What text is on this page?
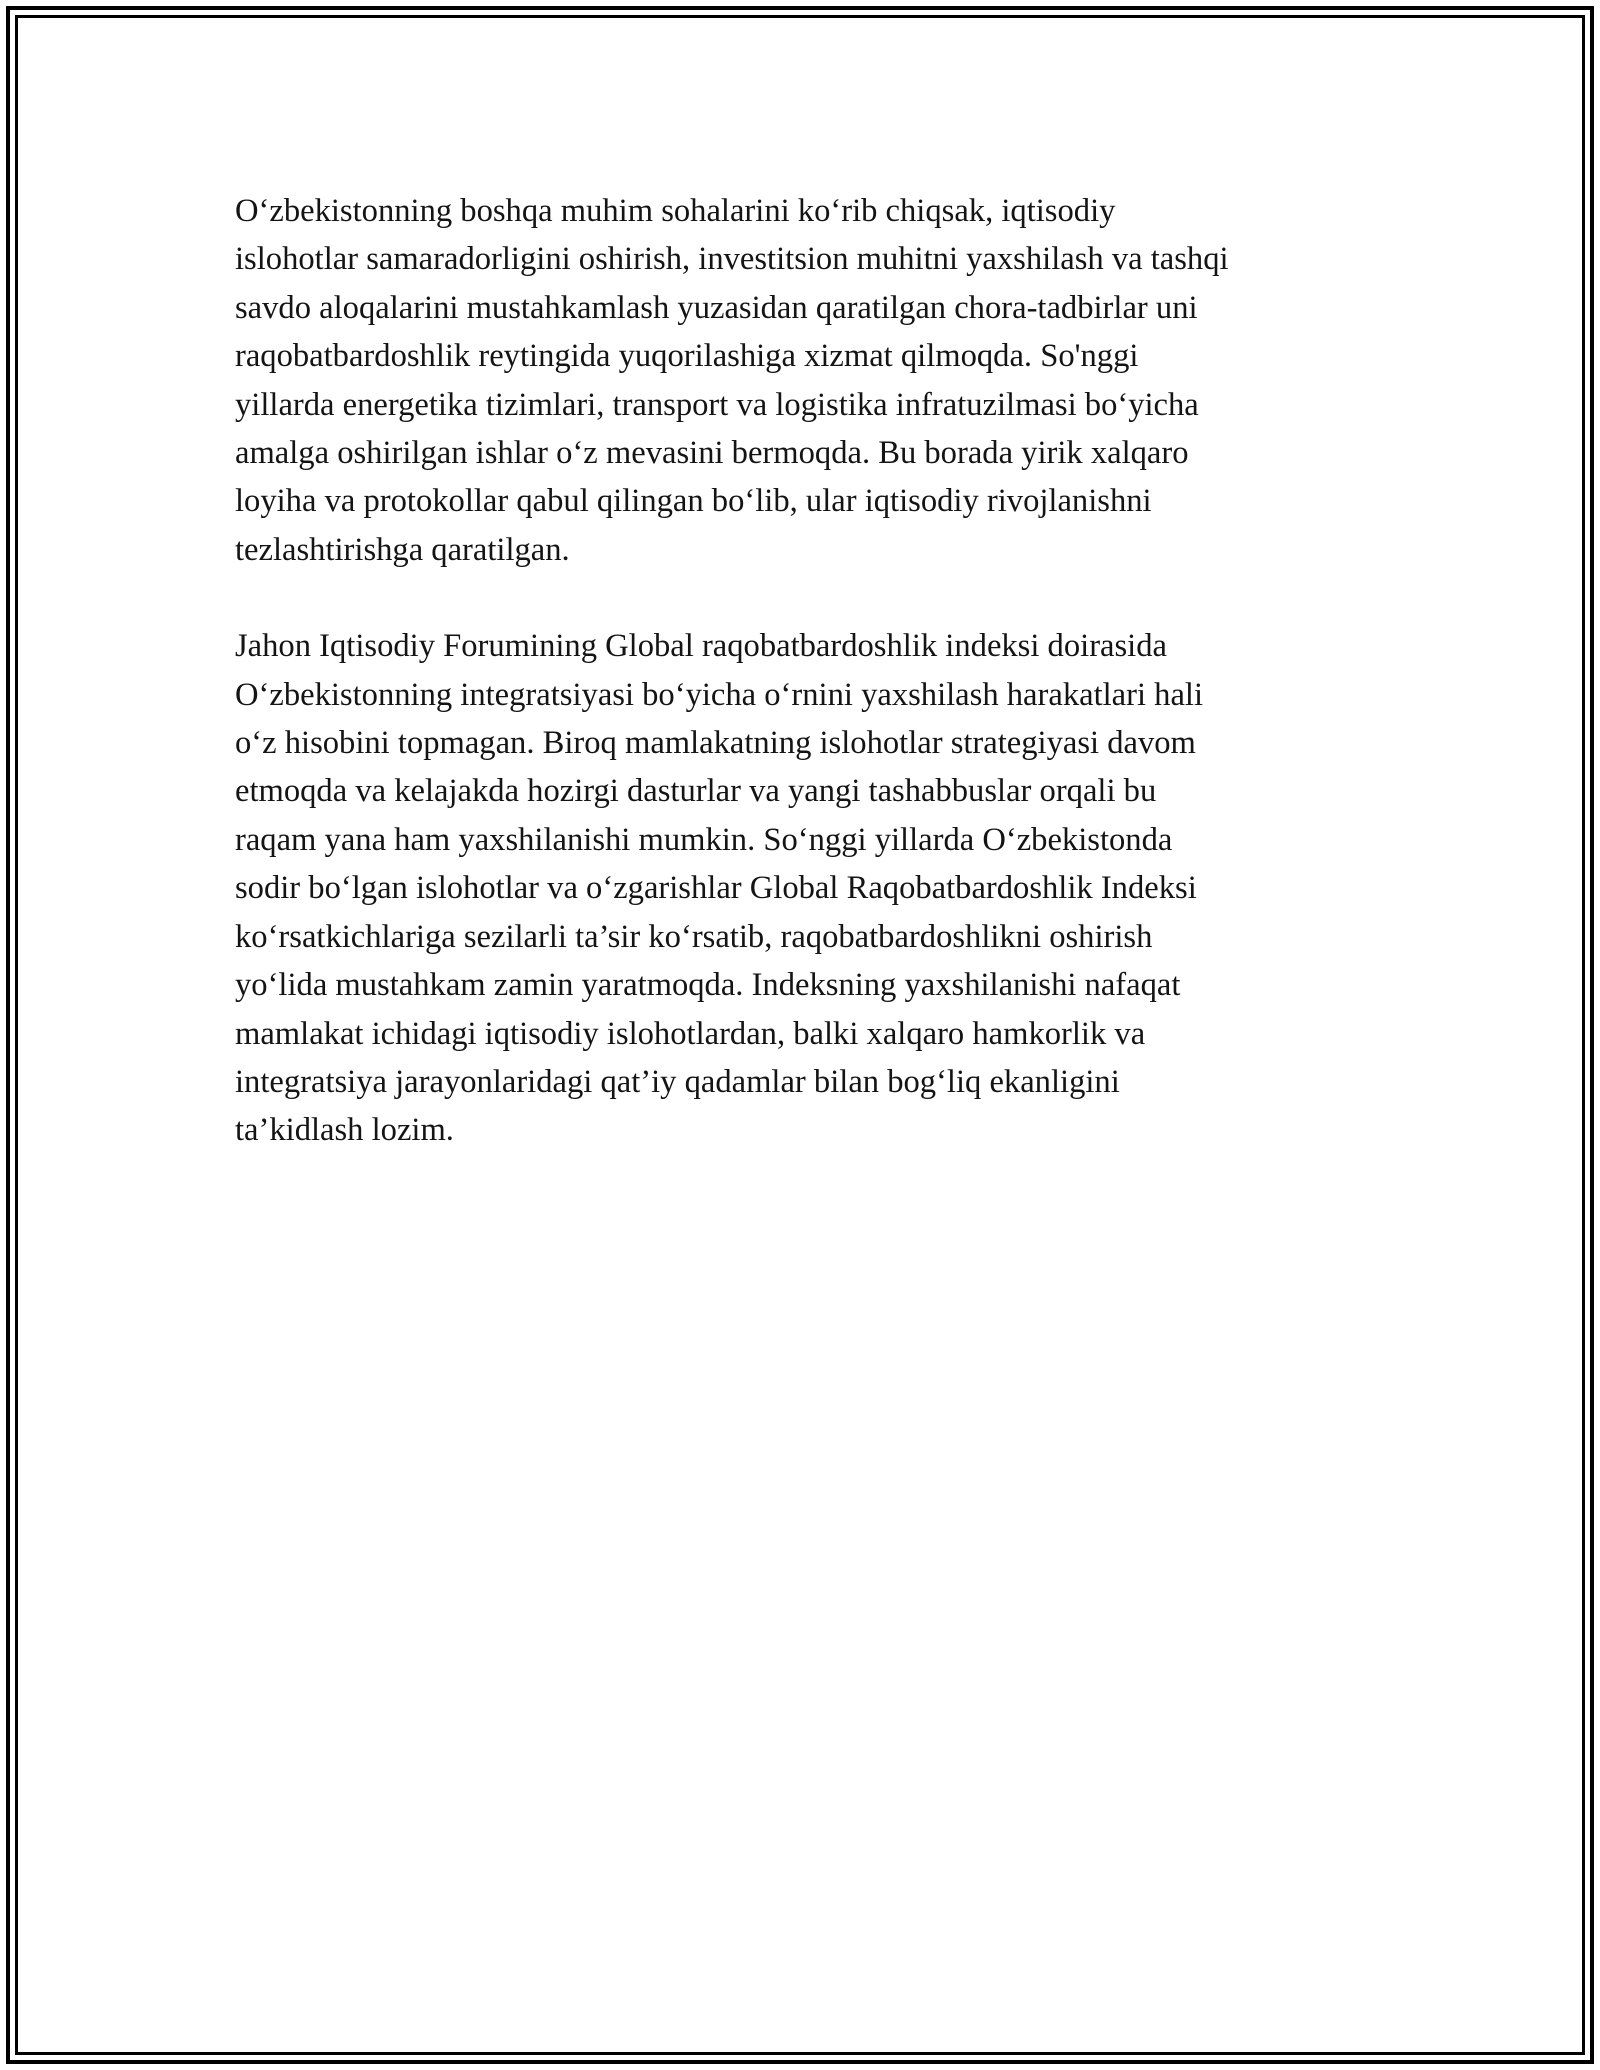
O‘zbekistonning boshqa muhim sohalarini ko‘rib chiqsak, iqtisodiy
islohotlar samaradorligini oshirish, investitsion muhitni yaxshilash va tashqi
savdo aloqalarini mustahkamlash yuzasidan qaratilgan chora-tadbirlar uni
raqobatbardoshlik reytingida yuqorilashiga xizmat qilmoqda. So'nggi
yillarda energetika tizimlari, transport va logistika infratuzilmasi bo‘yicha
amalga oshirilgan ishlar o‘z mevasini bermoqda. Bu borada yirik xalqaro
loyiha va protokollar qabul qilingan bo‘lib, ular iqtisodiy rivojlanishni
tezlashtirishga qaratilgan.

Jahon Iqtisodiy Forumining Global raqobatbardoshlik indeksi doirasida
O‘zbekistonning integratsiyasi bo‘yicha o‘rnini yaxshilash harakatlari hali
o‘z hisobini topmagan. Biroq mamlakatning islohotlar strategiyasi davom
etmoqda va kelajakda hozirgi dasturlar va yangi tashabbuslar orqali bu
raqam yana ham yaxshilanishi mumkin. So‘nggi yillarda O‘zbekistonda
sodir bo‘lgan islohotlar va o‘zgarishlar Global Raqobatbardoshlik Indeksi
ko‘rsatkichlariga sezilarli ta’sir ko‘rsatib, raqobatbardoshlikni oshirish
yo‘lida mustahkam zamin yaratmoqda. Indeksning yaxshilanishi nafaqat
mamlakat ichidagi iqtisodiy islohotlardan, balki xalqaro hamkorlik va
integratsiya jarayonlaridagi qat’iy qadamlar bilan bog‘liq ekanligini
ta’kidlash lozim.
